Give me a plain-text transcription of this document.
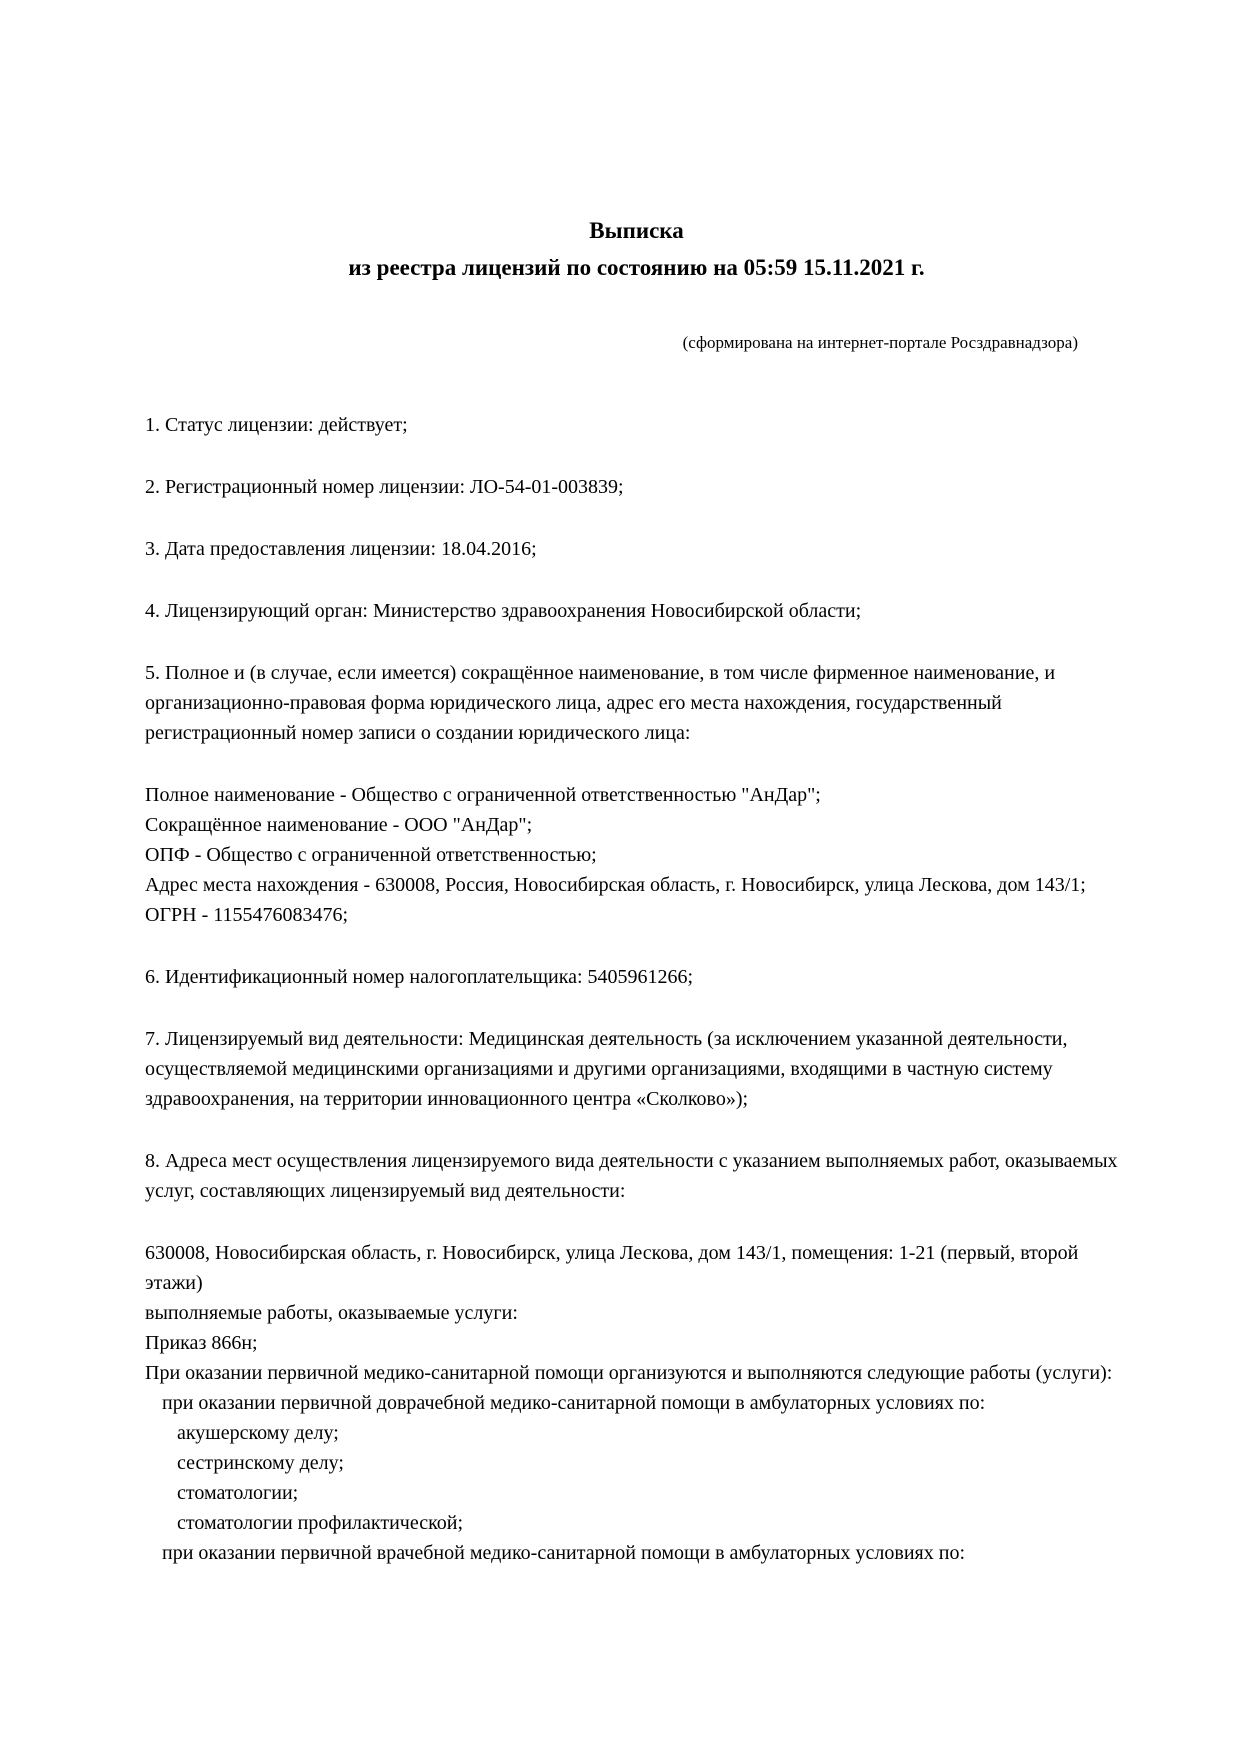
Выписка
из реестра лицензий по состоянию на 05:59 15.11.2021 г.
(сформирована на интернет-портале Росздравнадзора)

1. Статус лицензии: действует;

2. Регистрационный номер лицензии: ЛО-54-01-003839;

3. Дата предоставления лицензии: 18.04.2016;

4. Лицензирующий орган: Министерство здравоохранения Новосибирской области;

5. Полное и (в случае, если имеется) сокращённое наименование, в том числе фирменное наименование, и организационно-правовая форма юридического лица, адрес его места нахождения, государственный регистрационный номер записи о создании юридического лица:

Полное наименование - Общество с ограниченной ответственностью "АнДар";
Сокращённое наименование - ООО "АнДар";
ОПФ - Общество с ограниченной ответственностью;
Адрес места нахождения - 630008, Россия, Новосибирская область, г. Новосибирск, улица Лескова, дом 143/1;
ОГРН - 1155476083476;

6. Идентификационный номер налогоплательщика: 5405961266;

7. Лицензируемый вид деятельности: Медицинская деятельность (за исключением указанной деятельности, осуществляемой медицинскими организациями и другими организациями, входящими в частную систему здравоохранения, на территории инновационного центра «Сколково»);

8. Адреса мест осуществления лицензируемого вида деятельности с указанием выполняемых работ, оказываемых услуг, составляющих лицензируемый вид деятельности:

630008, Новосибирская область, г. Новосибирск, улица Лескова, дом 143/1, помещения: 1-21 (первый, второй этажи)
выполняемые работы, оказываемые услуги:
Приказ 866н;
При оказании первичной медико-санитарной помощи организуются и выполняются следующие работы (услуги):
при оказании первичной доврачебной медико-санитарной помощи в амбулаторных условиях по:
акушерскому делу;
сестринскому делу;
стоматологии;
стоматологии профилактической;
при оказании первичной врачебной медико-санитарной помощи в амбулаторных условиях по:
